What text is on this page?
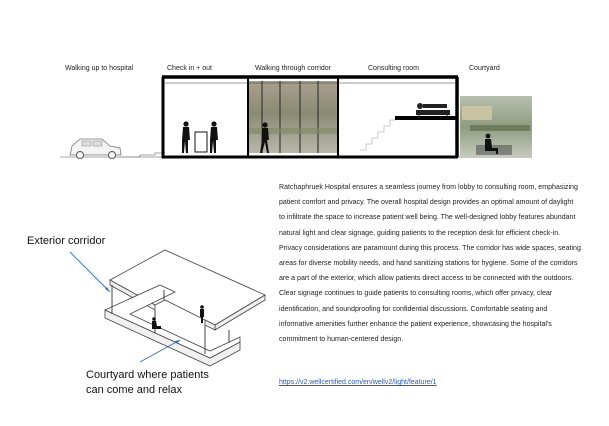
Walking up to hospital	Check in + out	Walking through corridor	Consulting room	Courtyard

Ratchaphruek Hospital ensures a seamless journey from lobby to consulting room, emphasizing patient comfort and privacy. The overall hospital design provides an optimal amount of daylight to infiltrate the space to increase patient well being. The well-designed lobby features abundant natural light and clear signage, guiding patients to the reception desk for efficient check-in. Privacy considerations are paramount during this process. The corridor has wide spaces, seating areas for diverse mobility needs, and hand sanitizing stations for hygiene. Some of the corridors are a part of the exterior, which allow patients direct access to be connected with the outdoors. Clear signage continues to guide patients to consulting rooms, which offer privacy, clear identification, and soundproofing for confidential discussions. Comfortable seating and informative amenities further enhance the patient experience, showcasing the hospital's commitment to human-centered design.

https://v2.wellcertified.com/en/wellv2/light/feature/1
Exterior corridor
Courtyard where patients
can come and relax
